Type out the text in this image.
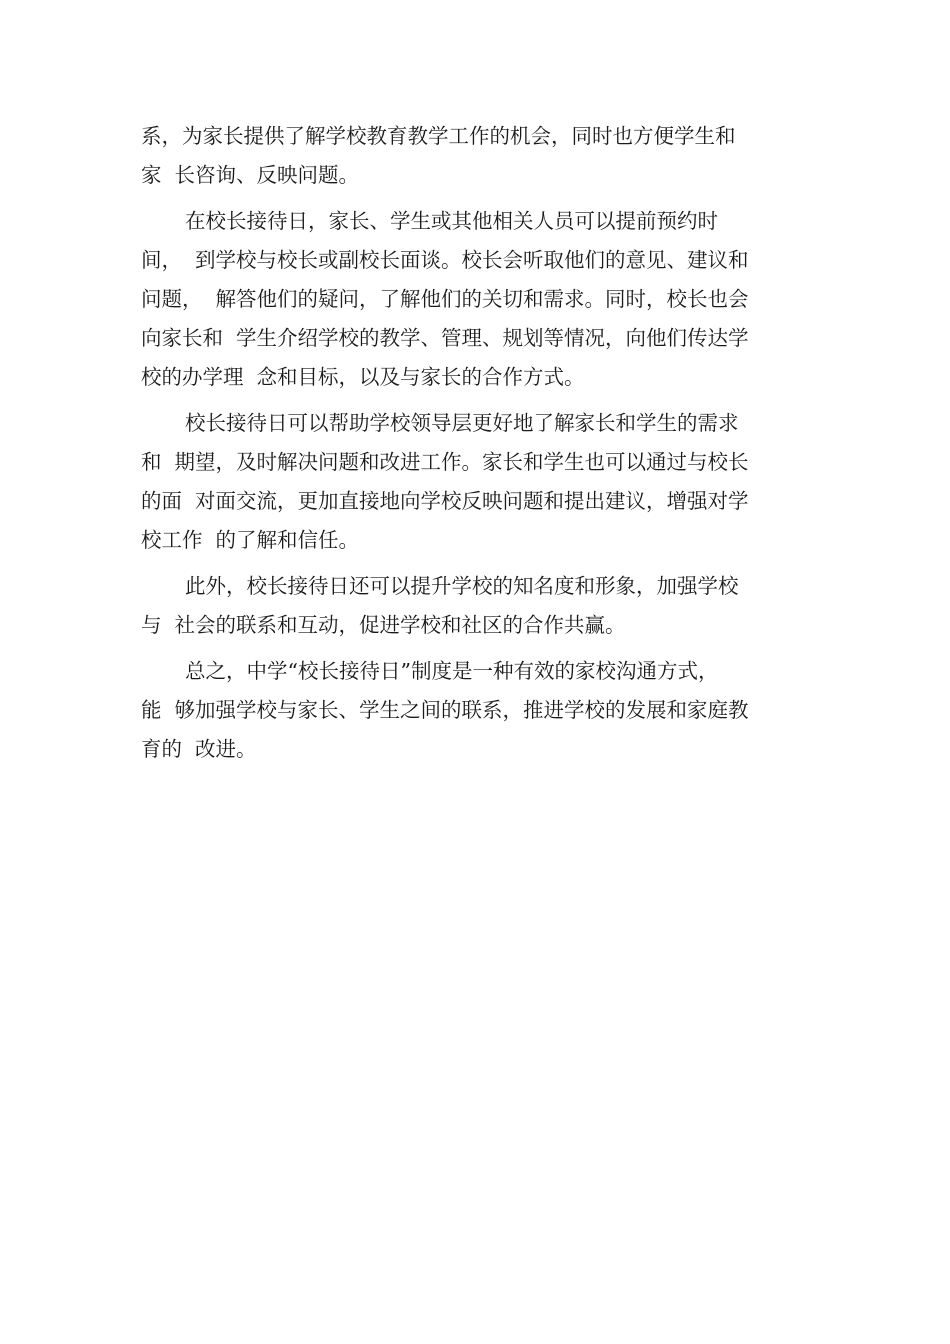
系，为家长提供了解学校教育教学工作的机会，同时也方便学生和
家  长咨询、反映问题。
在校长接待日，家长、学生或其他相关人员可以提前预约时
间，  到学校与校长或副校长面谈。校长会听取他们的意见、建议和
问题，  解答他们的疑问，了解他们的关切和需求。同时，校长也会
向家长和  学生介绍学校的教学、管理、规划等情况，向他们传达学
校的办学理  念和目标，以及与家长的合作方式。
校长接待日可以帮助学校领导层更好地了解家长和学生的需求
和  期望，及时解决问题和改进工作。家长和学生也可以通过与校长
的面  对面交流，更加直接地向学校反映问题和提出建议，增强对学
校工作  的了解和信任。
此外，校长接待日还可以提升学校的知名度和形象，加强学校
与  社会的联系和互动，促进学校和社区的合作共赢。
总之，中学“校长接待日”制度是一种有效的家校沟通方式，
能  够加强学校与家长、学生之间的联系，推进学校的发展和家庭教
育的  改进。
